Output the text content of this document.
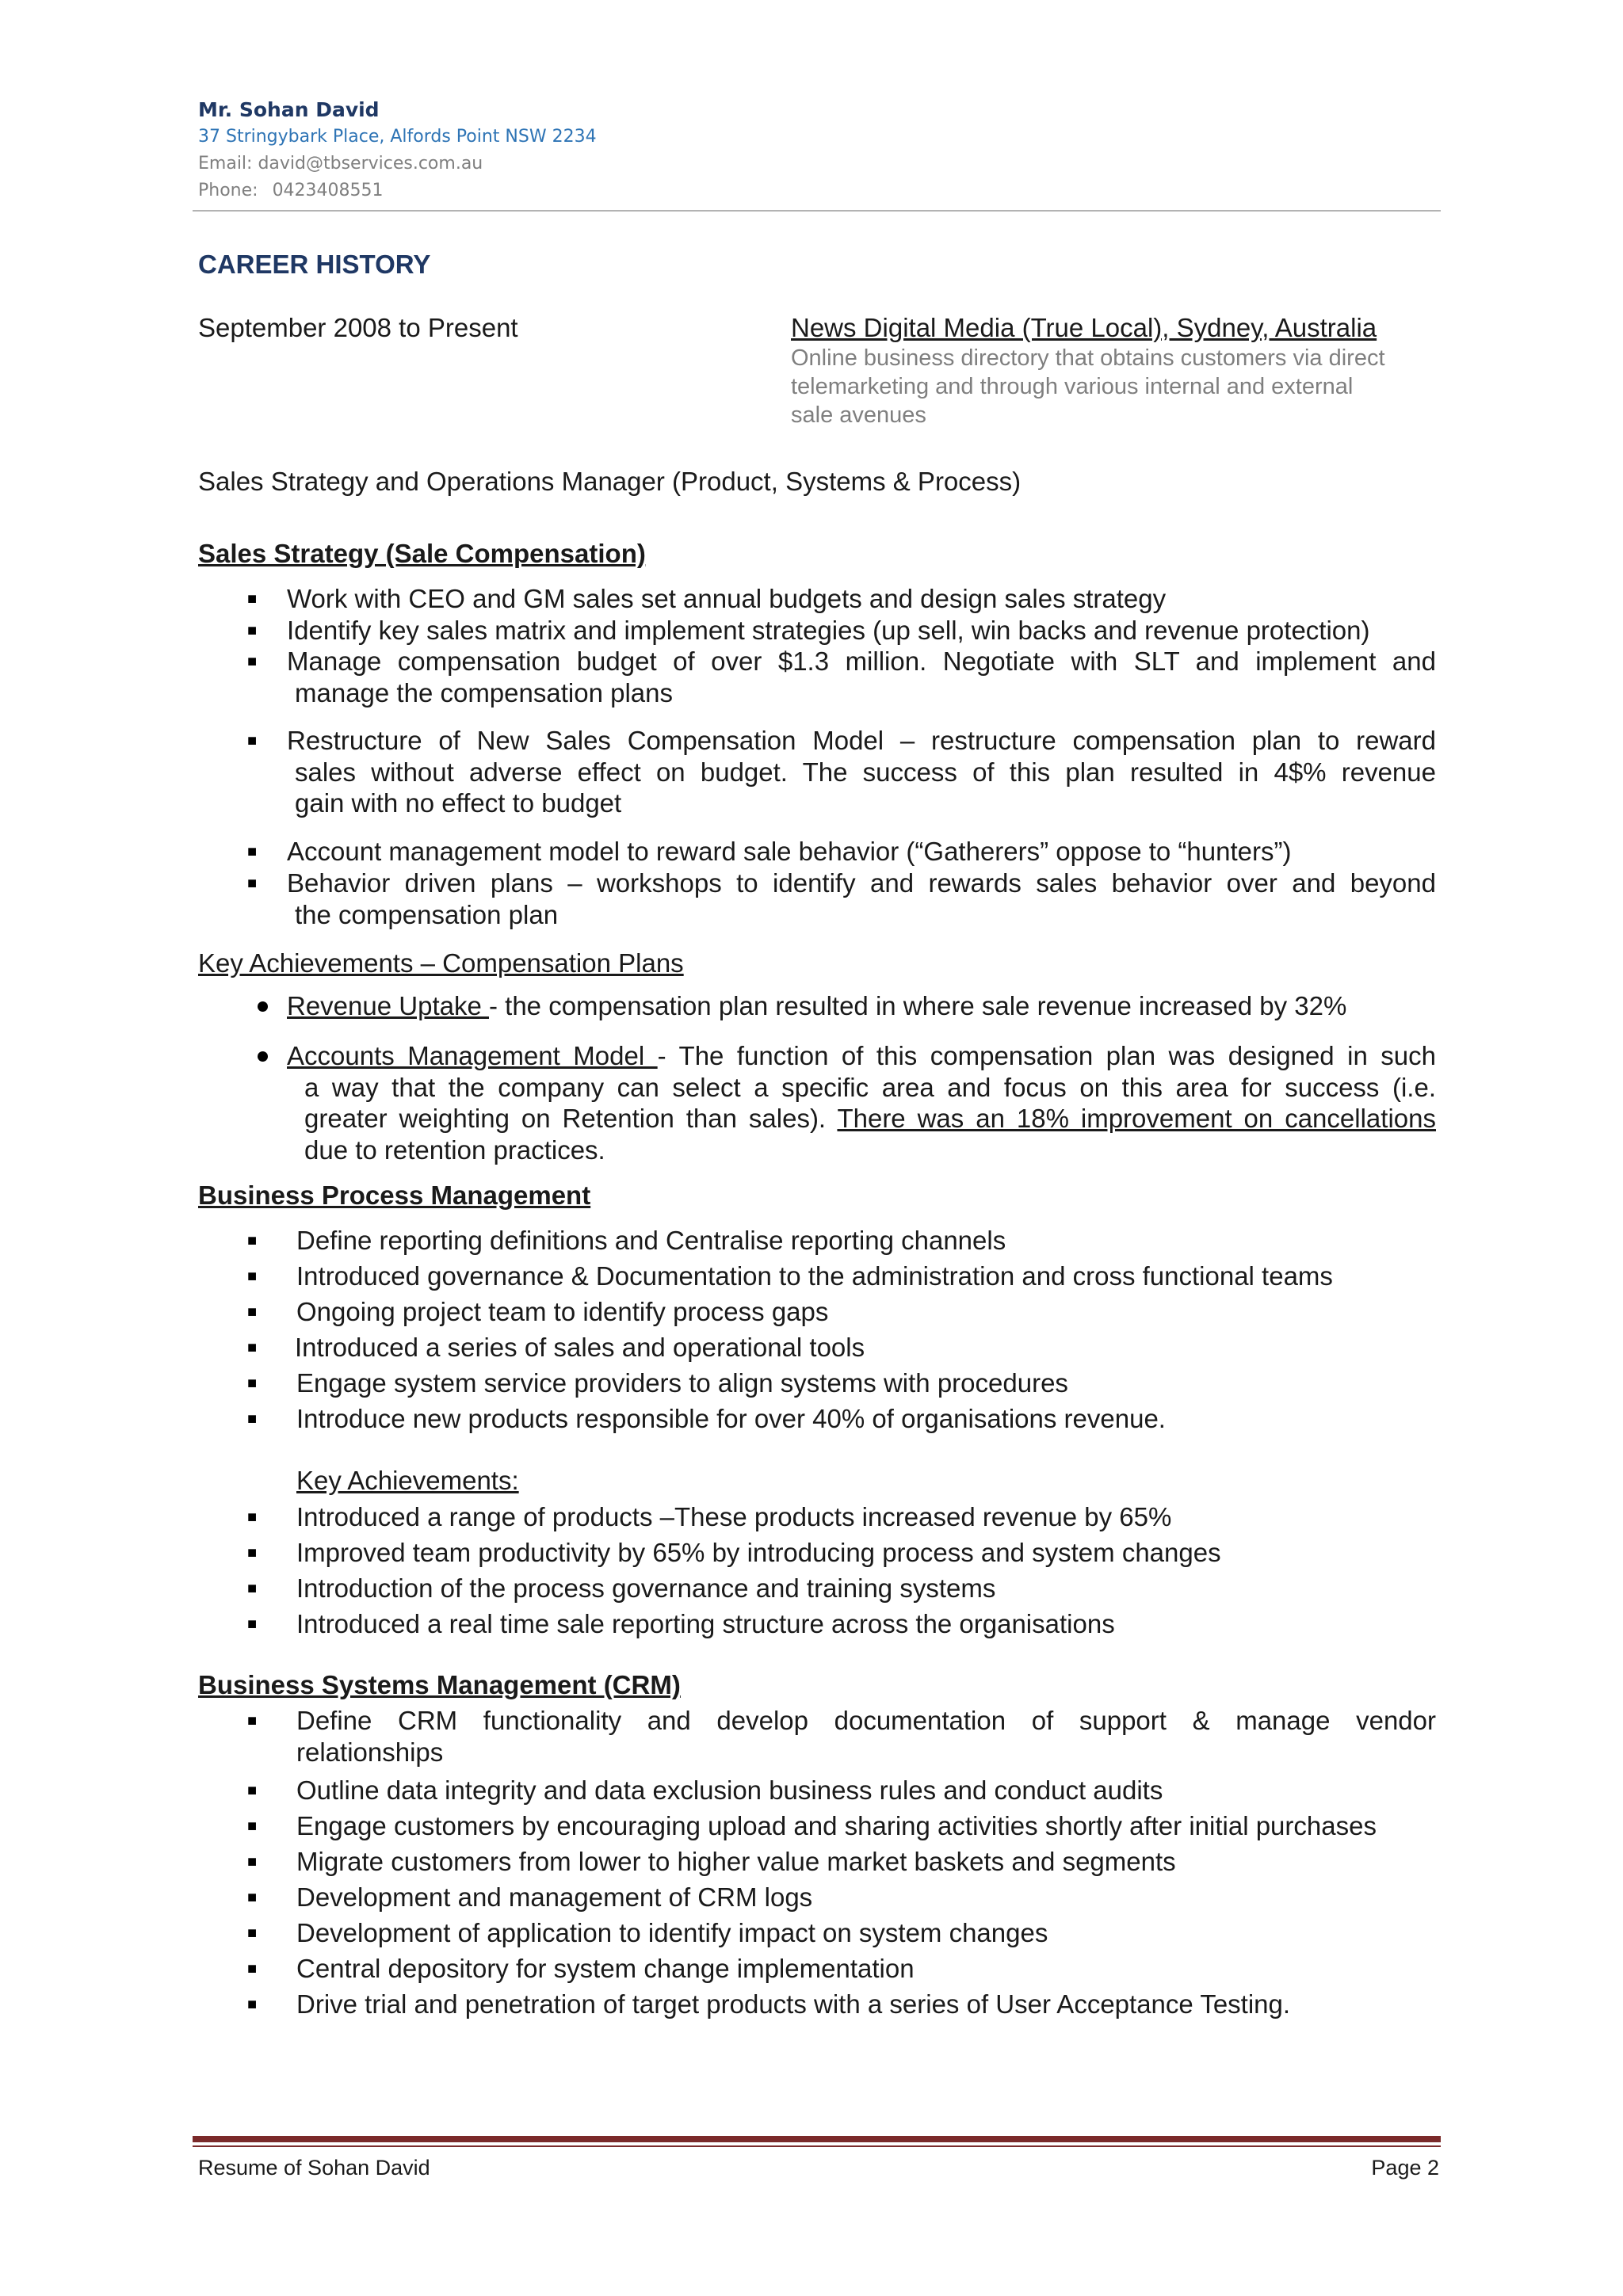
Mr. Sohan David
37 Stringybark Place, Alfords Point NSW 2234
Email: david@tbservices.com.au
Phone: 0423408551
CAREER HISTORY
September 2008 to Present	News Digital Media (True Local), Sydney, Australia
Online business directory that obtains customers via direct
telemarketing and through various internal and external
sale avenues
Sales Strategy and Operations Manager (Product, Systems & Process)
Sales Strategy (Sale Compensation)
■ Work with CEO and GM sales set annual budgets and design sales strategy
■ Identify key sales matrix and implement strategies (up sell, win backs and revenue protection)
■ Manage compensation budget of over $1.3 million. Negotiate with SLT and implement and
manage the compensation plans
■ Restructure of New Sales Compensation Model – restructure compensation plan to reward
sales without adverse effect on budget. The success of this plan resulted in 4$% revenue
gain with no effect to budget
■ Account management model to reward sale behavior (“Gatherers” oppose to “hunters”)
■ Behavior driven plans – workshops to identify and rewards sales behavior over and beyond
the compensation plan
Key Achievements – Compensation Plans
Revenue Uptake - the compensation plan resulted in where sale revenue increased by 32%
Accounts Management Model - The function of this compensation plan was designed in such
a way that the company can select a specific area and focus on this area for success (i.e.
greater weighting on Retention than sales). There was an 18% improvement on cancellations
due to retention practices.
Business Process Management
■ Define reporting definitions and Centralise reporting channels
■ Introduced governance & Documentation to the administration and cross functional teams
■ Ongoing project team to identify process gaps
■ Introduced a series of sales and operational tools
■ Engage system service providers to align systems with procedures
■ Introduce new products responsible for over 40% of organisations revenue.
Key Achievements:
■ Introduced a range of products –These products increased revenue by 65%
■ Improved team productivity by 65% by introducing process and system changes
■ Introduction of the process governance and training systems
■ Introduced a real time sale reporting structure across the organisations
Business Systems Management (CRM)
■ Define CRM functionality and develop documentation of support & manage vendor
relationships
■ Outline data integrity and data exclusion business rules and conduct audits
■ Engage customers by encouraging upload and sharing activities shortly after initial purchases
■ Migrate customers from lower to higher value market baskets and segments
■ Development and management of CRM logs
■ Development of application to identify impact on system changes
■ Central depository for system change implementation
■ Drive trial and penetration of target products with a series of User Acceptance Testing.
Resume of Sohan David	Page 2
